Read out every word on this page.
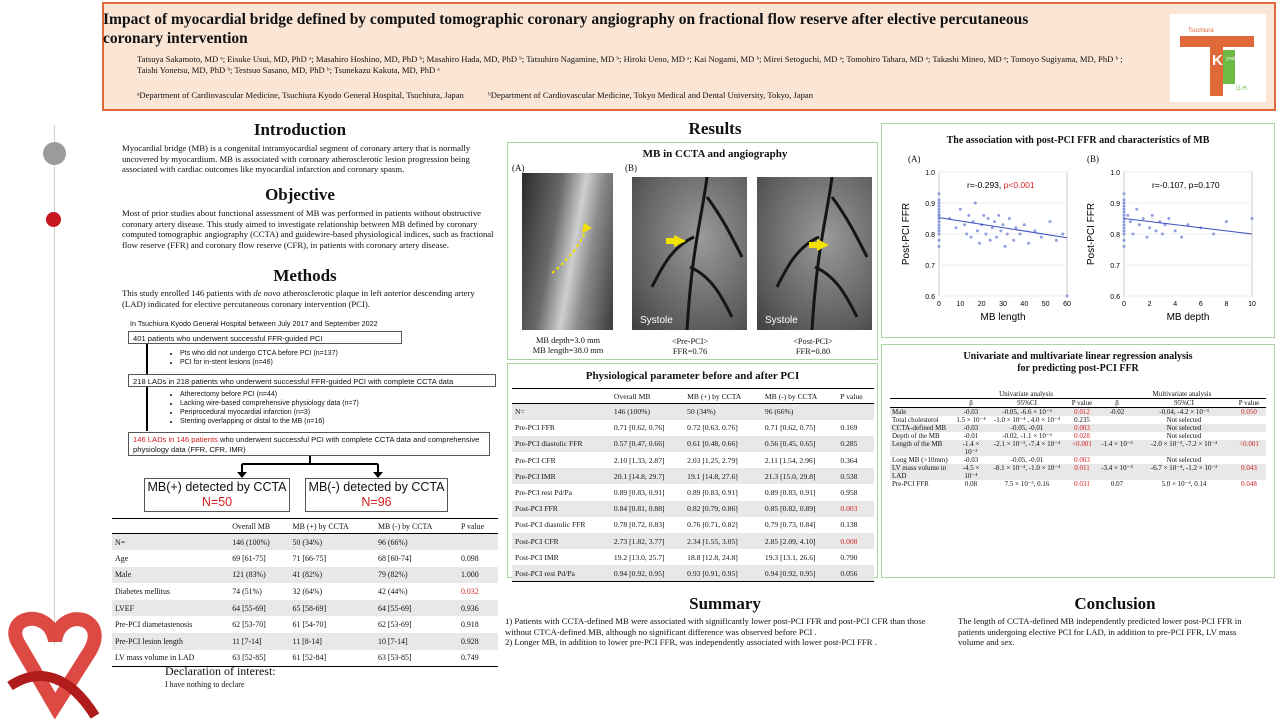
Impact of myocardial bridge defined by computed tomographic coronary angiography on fractional flow reserve after elective percutaneous coronary intervention
Tatsuya Sakamoto, MD ᵃ; Eisuke Usui, MD, PhD ᵃ; Masahiro Hoshino, MD, PhD ᵇ; Masahiro Hada, MD, PhD ᵇ; Tatsuhiro Nagamine, MD ᵇ; Hiroki Ueno, MD ᵃ; Kai Nogami, MD ᵇ; Mirei Setoguchi, MD ᵃ; Tomohiro Tahara, MD ᵃ; Takashi Mineo, MD ᵃ; Tomoyo Sugiyama, MD, PhD ᵇ ; Taishi Yonetsu, MD, PhD ᵇ; Testsuo Sasano, MD, PhD ᵇ; Tsunekazu Kakuta, MD, PhD ᵃ
ᵃDepartment of Cardiovascular Medicine, Tsuchiura Kyodo General Hospital, Tsuchiura, Japan	ᵇDepartment of Cardiovascular Medicine, Tokyo Medical and Dental University, Tokyo, Japan
Tsuchiura
K yodo
G.H.
Introduction
Myocardial bridge (MB) is a congenital intramyocardial segment of coronary artery that is normally uncovered by myocardium. MB is associated with coronary atherosclerotic lesion progression being associated with cardiac outcomes like myocardial infarction and coronary spasm.
Objective
Most of prior studies about functional assessment of MB was performed in patients without obstructive coronary artery disease. This study aimed to investigate relationship between MB defined by coronary computed tomographic angiography (CCTA) and guidewire-based physiological indices, such as fractional flow reserve (FFR) and coronary flow reserve (CFR), in patients with coronary artery disease.
Methods
This study enrolled 146 patients with de novo atherosclerotic plaque in left anterior descending artery (LAD) indicated for elective percutaneous coronary intervention (PCI).
In Tsuchiura Kyodo General Hospital between July 2017 and September 2022
401 patients who underwent successful FFR-guided PCI
• Pts who did not undergo CTCA before PCI (n=137)
• PCI for in-stent lesions (n=46)
218 LADs in 218 patients who underwent successful FFR-guided PCI with complete CCTA data
• Atherectomy before PCI (n=44)
• Lacking wire-based comprehensive physiology data (n=7)
• Periprocedural myocardial infarction (n=3)
• Stenting overlapping or distal to the MB (n=16)
146 LADs in 146 patients who underwent successful PCI with complete CCTA data and comprehensive physiology data (FFR, CFR, IMR)
MB(+) detected by CCTA
N=50
MB(-) detected by CCTA
N=96
	Overall MB	MB (+) by CCTA	MB (-) by CCTA	P value
N=	146 (100%)	50 (34%)	96 (66%)	
Age	69 [61-75]	71 [66-75]	68 [60-74]	0.098
Male	121 (83%)	41 (82%)	79 (82%)	1.000
Diabetes mellitus	74 (51%)	32 (64%)	42 (44%)	0.032
LVEF	64 [55-69]	65 [58-69]	64 [55-69]	0.936
Pre-PCI diametastenosis	62 [53-70]	61 [54-70]	62 [53-69]	0.918
Pre-PCI lesion length	11 [7-14]	11 [8-14]	10 [7-14]	0.928
LV mass volume in LAD	63 [52-85]	61 [52-84]	63 [53-85]	0.749
Declaration of interest:
I have nothing to declare
Results
MB in CCTA and angiography
(A)	(B)
Systole	Systole
MB depth=3.0 mm
MB length=38.0 mm
<Pre-PCI>
FFR=0.76
<Post-PCI>
FFR=0.80
Physiological parameter before and after PCI
	Overall MB	MB (+) by CCTA	MB (-) by CCTA	P value
N=	146 (100%)	50 (34%)	96 (66%)	
Pre-PCI FFR	0.71 [0.62, 0.76]	0.72 [0.63, 0.76]	0.71 [0.62, 0.75]	0.169
Pre-PCI diastolic FFR	0.57 [0.47, 0.66]	0.61 [0.48, 0.66]	0.56 [0.45, 0.65]	0.285
Pre-PCI CFR	2.10 [1.33, 2.87]	2.03 [1.25, 2.79]	2.11 [1.54, 2.96]	0.364
Pre-PCI IMR	20.1 [14.8, 29.7]	19.1 [14.8, 27.6]	21.3 [15.0, 29.8]	0.538
Pre-PCI rest Pd/Pa	0.89 [0.83, 0.91]	0.89 [0.83, 0.91]	0.89 [0.83, 0.91]	0.958
Post-PCI FFR	0.84 [0.81, 0.88]	0.82 [0.79, 0.86]	0.85 [0.82, 0.89]	0.003
Post-PCI diastolic FFR	0.78 [0.72, 0.83]	0.76 [0.71, 0.82]	0.79 [0.73, 0.84]	0.138
Post-PCI CFR	2.73 [1.82, 3.77]	2.34 [1.55, 3.05]	2.85 [2.09, 4.10]	0.008
Post-PCI IMR	19.2 [13.0, 25.7]	18.8 [12.8, 24.8]	19.3 [13.1, 26.6]	0.790
Post-PCI rest Pd/Pa	0.94 [0.92, 0.95]	0.93 [0.91, 0.95]	0.94 [0.92, 0.95]	0.056
The association with post-PCI FFR and characteristics of MB
(A)	(B)
0.6
0.7
0.8
0.9
1.0
0 10 20 30 40 50 60
MB length
Post-PCI FFR
r=-0.293, p<0.001
0.6
0.7
0.8
0.9
1.0
0	2	4	6	8	10
MB depth
Post-PCI FFR
r=-0.107, p=0.170
Univariate and multivariate linear regression analysis
for predicting post-PCI FFR
	Univariate analysis			Multivariate analysis		
	β	95%CI	P value	β	95%CI	P value
Male	-0.03	-0.05, -6.6 × 10⁻³	0.012	-0.02	-0.04, -4.2 × 10⁻³	0.050
Total cholesterol	1.5 × 10⁻⁴	-1.0 × 10⁻⁴ , 4.0 × 10⁻⁴	0.235		Not selected	
CCTA-defined MB	-0.03	-0.05, -0.01	0.003		Not selected	
Depth of the MB	-0.01	-0.02, -1.1 × 10⁻³	0.028		Not selected	
Length of the MB	-1.4 × 10⁻³	-2.1 × 10⁻³, -7.4 × 10⁻⁴	<0.001	-1.4 × 10⁻³	-2.0 × 10⁻³, -7.2 × 10⁻⁴	<0.001
Long MB (>10mm)	-0.03	-0.05, -0.01	0.003		Not selected	
LV mass volume in LAD	-4.5 × 10⁻⁴	-8.1 × 10⁻⁴, -1.0 × 10⁻⁴	0.011	-3.4 × 10⁻⁴	-6.7 × 10⁻⁴, -1.2 × 10⁻³	0.043
Pre-PCI FFR	0.08	7.5 × 10⁻³, 0.16	0.031	0.07	5.0 × 10⁻⁴, 0.14	0.048
Summary
1) Patients with CCTA-defined MB were associated with significantly lower post-PCI FFR and post-PCI CFR than those without CTCA-defined MB, although no significant difference was observed before PCI .
2) Longer MB, in addition to lower pre-PCI FFR, was independently associated with lower post-PCI FFR .
Conclusion
The length of CCTA-defined MB independently predicted lower post-PCI FFR in patients undergoing elective PCI for LAD, in addition to pre-PCI FFR, LV mass volume and sex.
